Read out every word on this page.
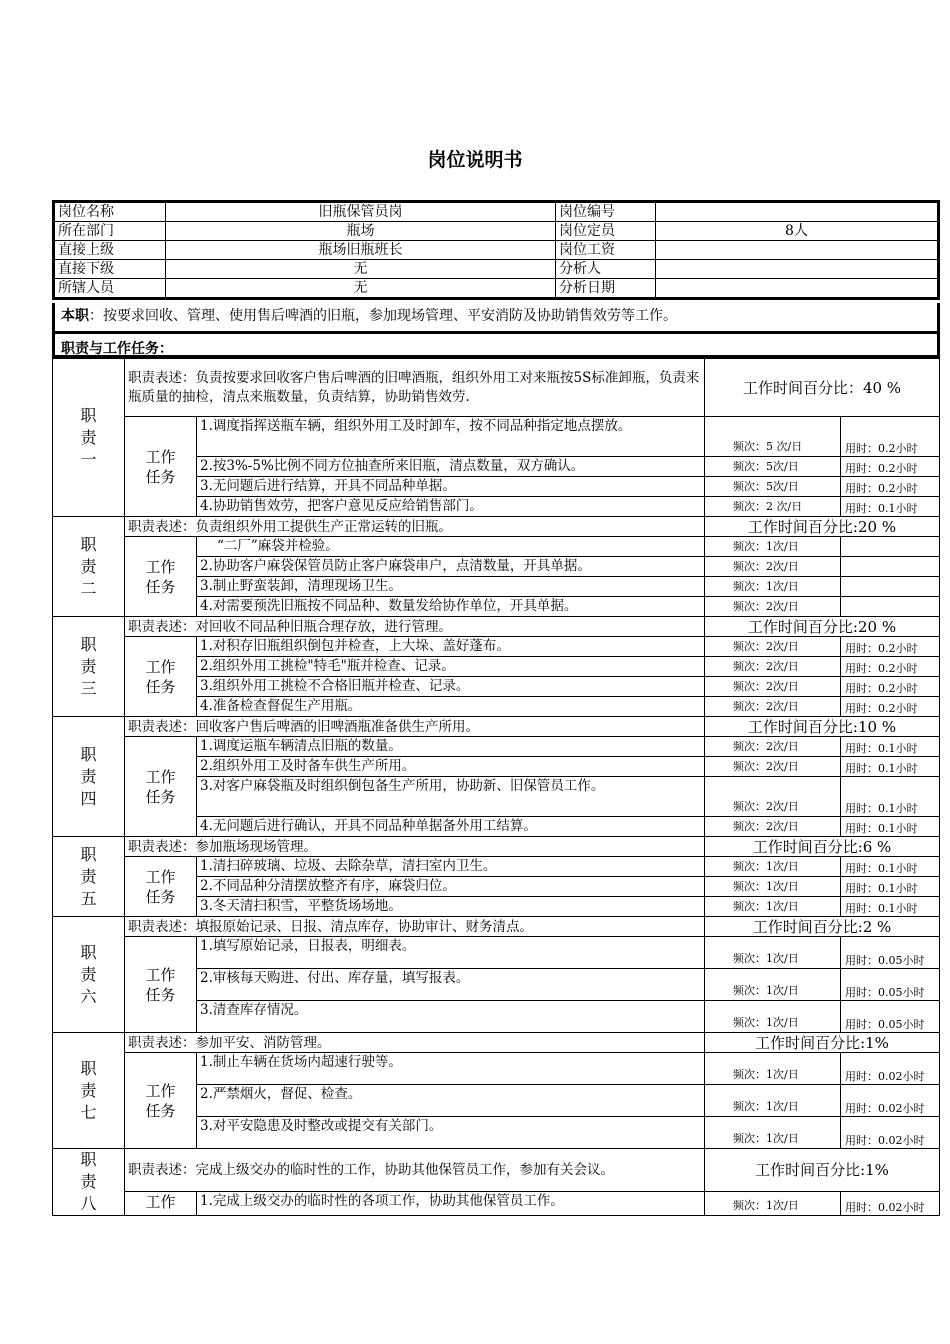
岗位说明书
岗位名称	旧瓶保管员岗	岗位编号	
所在部门	瓶场	岗位定员	8人
直接上级	瓶场旧瓶班长	岗位工资	
直接下级	无	分析人	
所辖人员	无	分析日期	
本职：按要求回收、管理、使用售后啤酒的旧瓶，参加现场管理、平安消防及协助销售效劳等工作。
职责与工作任务：
职
责
一	职责表述：负责按要求回收客户售后啤酒的旧啤酒瓶，组织外用工对来瓶按5S标准卸瓶，负责来瓶质量的抽检，清点来瓶数量，负责结算，协助销售效劳.		工作时间百分比：40 %	
	工作
任务	1.调度指挥送瓶车辆，组织外用工及时卸车，按不同品种指定地点摆放。	频次：5 次/日	用时：0.2小时
		2.按3%-5%比例不同方位抽查所来旧瓶，清点数量，双方确认。	频次：5次/日	用时：0.2小时
		3.无问题后进行结算，开具不同品种单据。	频次：5次/日	用时：0.2小时
		4.协助销售效劳，把客户意见反应给销售部门。	频次：2 次/日	用时：0.1小时
职
责
二	职责表述：负责组织外用工提供生产正常运转的旧瓶。		工作时间百分比:20 %	
	工作
任务	“二厂”麻袋并检验。	频次：1次/日	
		2.协助客户麻袋保管员防止客户麻袋串户，点清数量，开具单据。	频次：2次/日	
		3.制止野蛮装卸，清理现场卫生。	频次：1次/日	
		4.对需要预洗旧瓶按不同品种、数量发给协作单位，开具单据。	频次：2次/日	
职
责
三	职责表述：对回收不同品种旧瓶合理存放，进行管理。		工作时间百分比:20 %	
	工作
任务	1.对积存旧瓶组织倒包并检查，上大垛、盖好蓬布。	频次：2次/日	用时：0.2小时
		2.组织外用工挑检"特毛"瓶并检查、记录。	频次：2次/日	用时：0.2小时
		3.组织外用工挑检不合格旧瓶并检查、记录。	频次：2次/日	用时：0.2小时
		4.准备检查督促生产用瓶。	频次：2次/日	用时：0.2小时
职
责
四	职责表述：回收客户售后啤酒的旧啤酒瓶准备供生产所用。		工作时间百分比:10 %	
	工作
任务	1.调度运瓶车辆清点旧瓶的数量。	频次：2次/日	用时：0.1小时
		2.组织外用工及时备车供生产所用。	频次：2次/日	用时：0.1小时
		3.对客户麻袋瓶及时组织倒包备生产所用，协助新、旧保管员工作。	频次：2次/日	用时：0.1小时
		4.无问题后进行确认，开具不同品种单据备外用工结算。	频次：2次/日	用时：0.1小时
职
责
五	职责表述：参加瓶场现场管理。		工作时间百分比:6 %	
	工作
任务	1.清扫碎玻璃、垃圾、去除杂草，清扫室内卫生。	频次：1次/日	用时：0.1小时
		2.不同品种分清摆放整齐有序，麻袋归位。	频次：1次/日	用时：0.1小时
		3.冬天清扫积雪，平整货场场地。	频次：1次/日	用时：0.1小时
职
责
六	职责表述：填报原始记录、日报、清点库存，协助审计、财务清点。		工作时间百分比:2 %	
	工作
任务	1.填写原始记录，日报表，明细表。	频次：1次/日	用时：0.05小时
		2.审核每天购进、付出、库存量，填写报表。	频次：1次/日	用时：0.05小时
		3.清查库存情况。	频次：1次/日	用时：0.05小时
职
责
七	职责表述：参加平安、消防管理。		工作时间百分比:1%	
	工作
任务	1.制止车辆在货场内超速行驶等。	频次：1次/日	用时：0.02小时
		2.严禁烟火，督促、检查。	频次：1次/日	用时：0.02小时
		3.对平安隐患及时整改或提交有关部门。	频次：1次/日	用时：0.02小时
职
责
八	职责表述：完成上级交办的临时性的工作，协助其他保管员工作，参加有关会议。		工作时间百分比:1%	
	工作	1.完成上级交办的临时性的各项工作，协助其他保管员工作。	频次：1次/日	用时：0.02小时
